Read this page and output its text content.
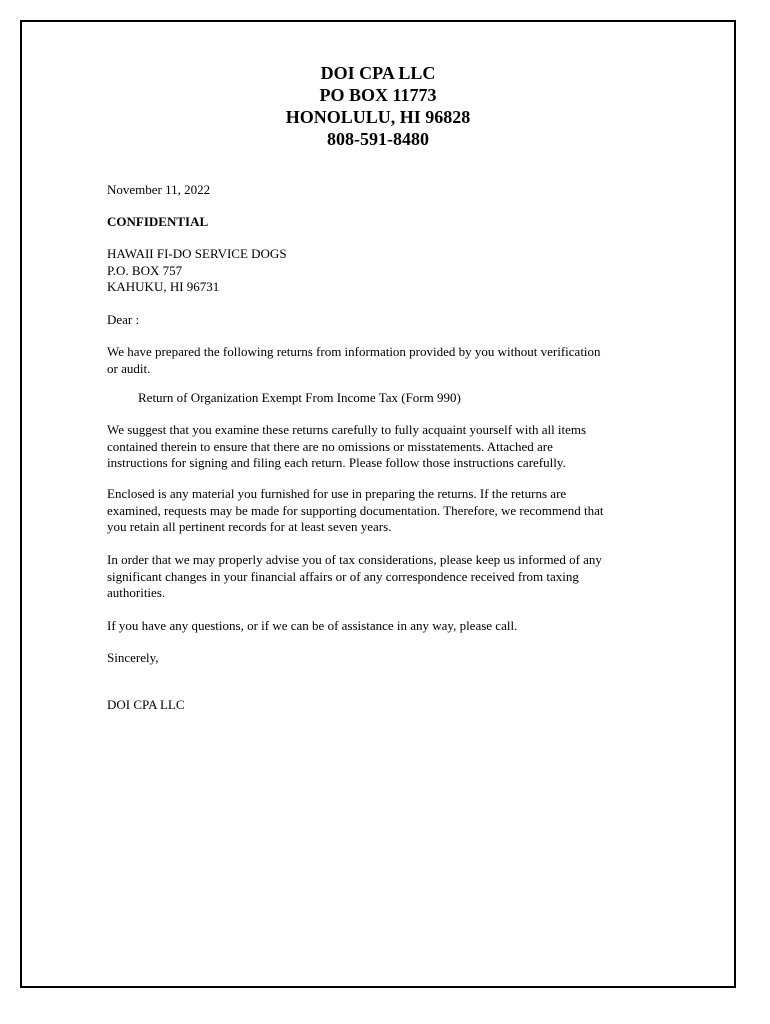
DOI CPA LLC
PO BOX 11773
HONOLULU, HI 96828
808-591-8480
November 11, 2022
CONFIDENTIAL
HAWAII FI-DO SERVICE DOGS
P.O. BOX 757
KAHUKU, HI 96731
Dear :
We have prepared the following returns from information provided by you without verification
or audit.
Return of Organization Exempt From Income Tax (Form 990)
We suggest that you examine these returns carefully to fully acquaint yourself with all items
contained therein to ensure that there are no omissions or misstatements. Attached are
instructions for signing and filing each return. Please follow those instructions carefully.
Enclosed is any material you furnished for use in preparing the returns. If the returns are
examined, requests may be made for supporting documentation. Therefore, we recommend that
you retain all pertinent records for at least seven years.
In order that we may properly advise you of tax considerations, please keep us informed of any
significant changes in your financial affairs or of any correspondence received from taxing
authorities.
If you have any questions, or if we can be of assistance in any way, please call.
Sincerely,
DOI CPA LLC
